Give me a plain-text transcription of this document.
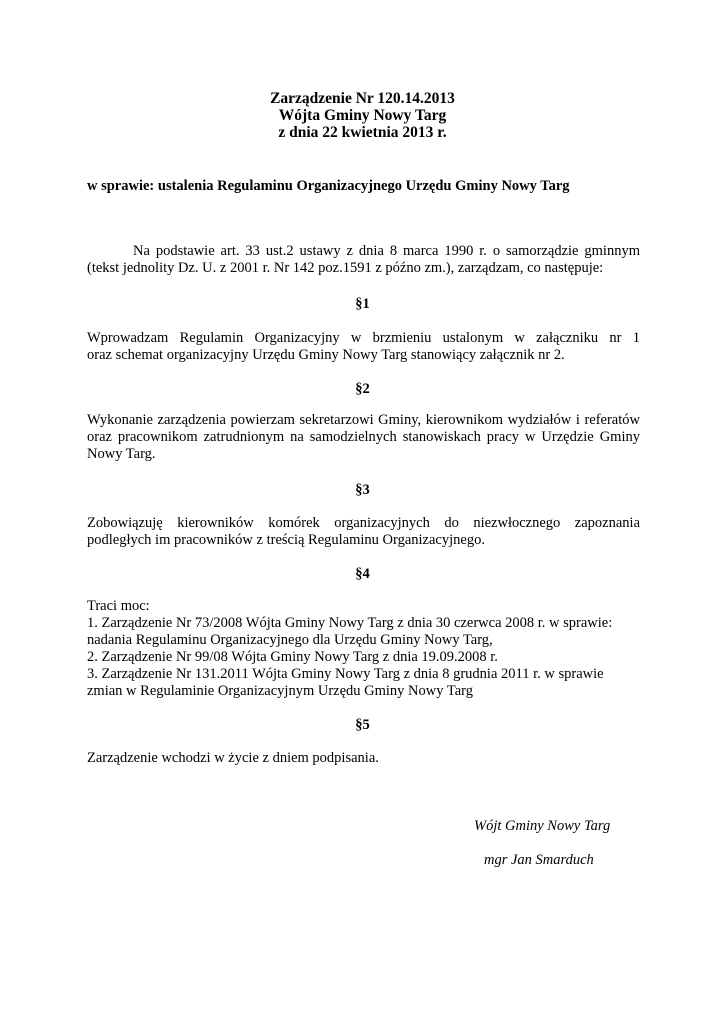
Zarządzenie Nr 120.14.2013
Wójta Gminy Nowy Targ
z dnia 22 kwietnia 2013 r.
w sprawie: ustalenia Regulaminu Organizacyjnego Urzędu Gminy Nowy Targ
Na podstawie art. 33 ust.2 ustawy z dnia 8 marca 1990 r. o samorządzie gminnym
(tekst jednolity Dz. U. z 2001 r. Nr 142 poz.1591 z późno zm.), zarządzam, co następuje:
§1
Wprowadzam Regulamin Organizacyjny w brzmieniu ustalonym w załączniku nr 1
oraz schemat organizacyjny Urzędu Gminy Nowy Targ stanowiący załącznik nr 2.
§2
Wykonanie zarządzenia powierzam sekretarzowi Gminy, kierownikom wydziałów i referatów
oraz pracownikom zatrudnionym na samodzielnych stanowiskach pracy w Urzędzie Gminy
Nowy Targ.
§3
Zobowiązuję kierowników komórek organizacyjnych do niezwłocznego zapoznania
podległych im pracowników z treścią Regulaminu Organizacyjnego.
§4
Traci moc:
1. Zarządzenie Nr 73/2008 Wójta Gminy Nowy Targ z dnia 30 czerwca 2008 r. w sprawie:
nadania Regulaminu Organizacyjnego dla Urzędu Gminy Nowy Targ,
2. Zarządzenie Nr 99/08 Wójta Gminy Nowy Targ z dnia 19.09.2008 r.
3. Zarządzenie Nr 131.2011 Wójta Gminy Nowy Targ z dnia 8 grudnia 2011 r. w sprawie
zmian w Regulaminie Organizacyjnym Urzędu Gminy Nowy Targ
§5
Zarządzenie wchodzi w życie z dniem podpisania.
Wójt Gminy Nowy Targ
mgr Jan Smarduch
